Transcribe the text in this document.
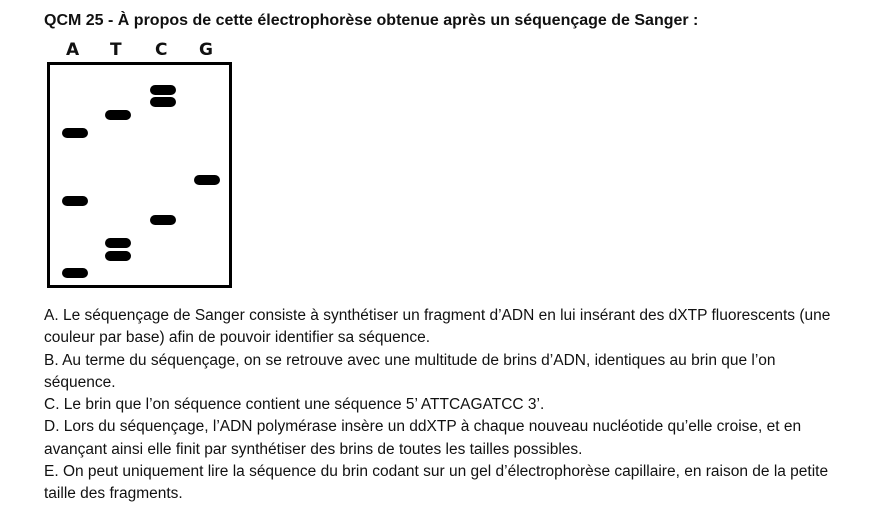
QCM 25 - À propos de cette électrophorèse obtenue après un séquençage de Sanger :
A T C G

A. Le séquençage de Sanger consiste à synthétiser un fragment d’ADN en lui insérant des dXTP fluorescents (une couleur par base) afin de pouvoir identifier sa séquence.

B. Au terme du séquençage, on se retrouve avec une multitude de brins d’ADN, identiques au brin que l’on séquence.

C. Le brin que l’on séquence contient une séquence 5’ ATTCAGATCC 3’.

D. Lors du séquençage, l’ADN polymérase insère un ddXTP à chaque nouveau nucléotide qu’elle croise, et en avançant ainsi elle finit par synthétiser des brins de toutes les tailles possibles.

E. On peut uniquement lire la séquence du brin codant sur un gel d’électrophorèse capillaire, en raison de la petite taille des fragments.
